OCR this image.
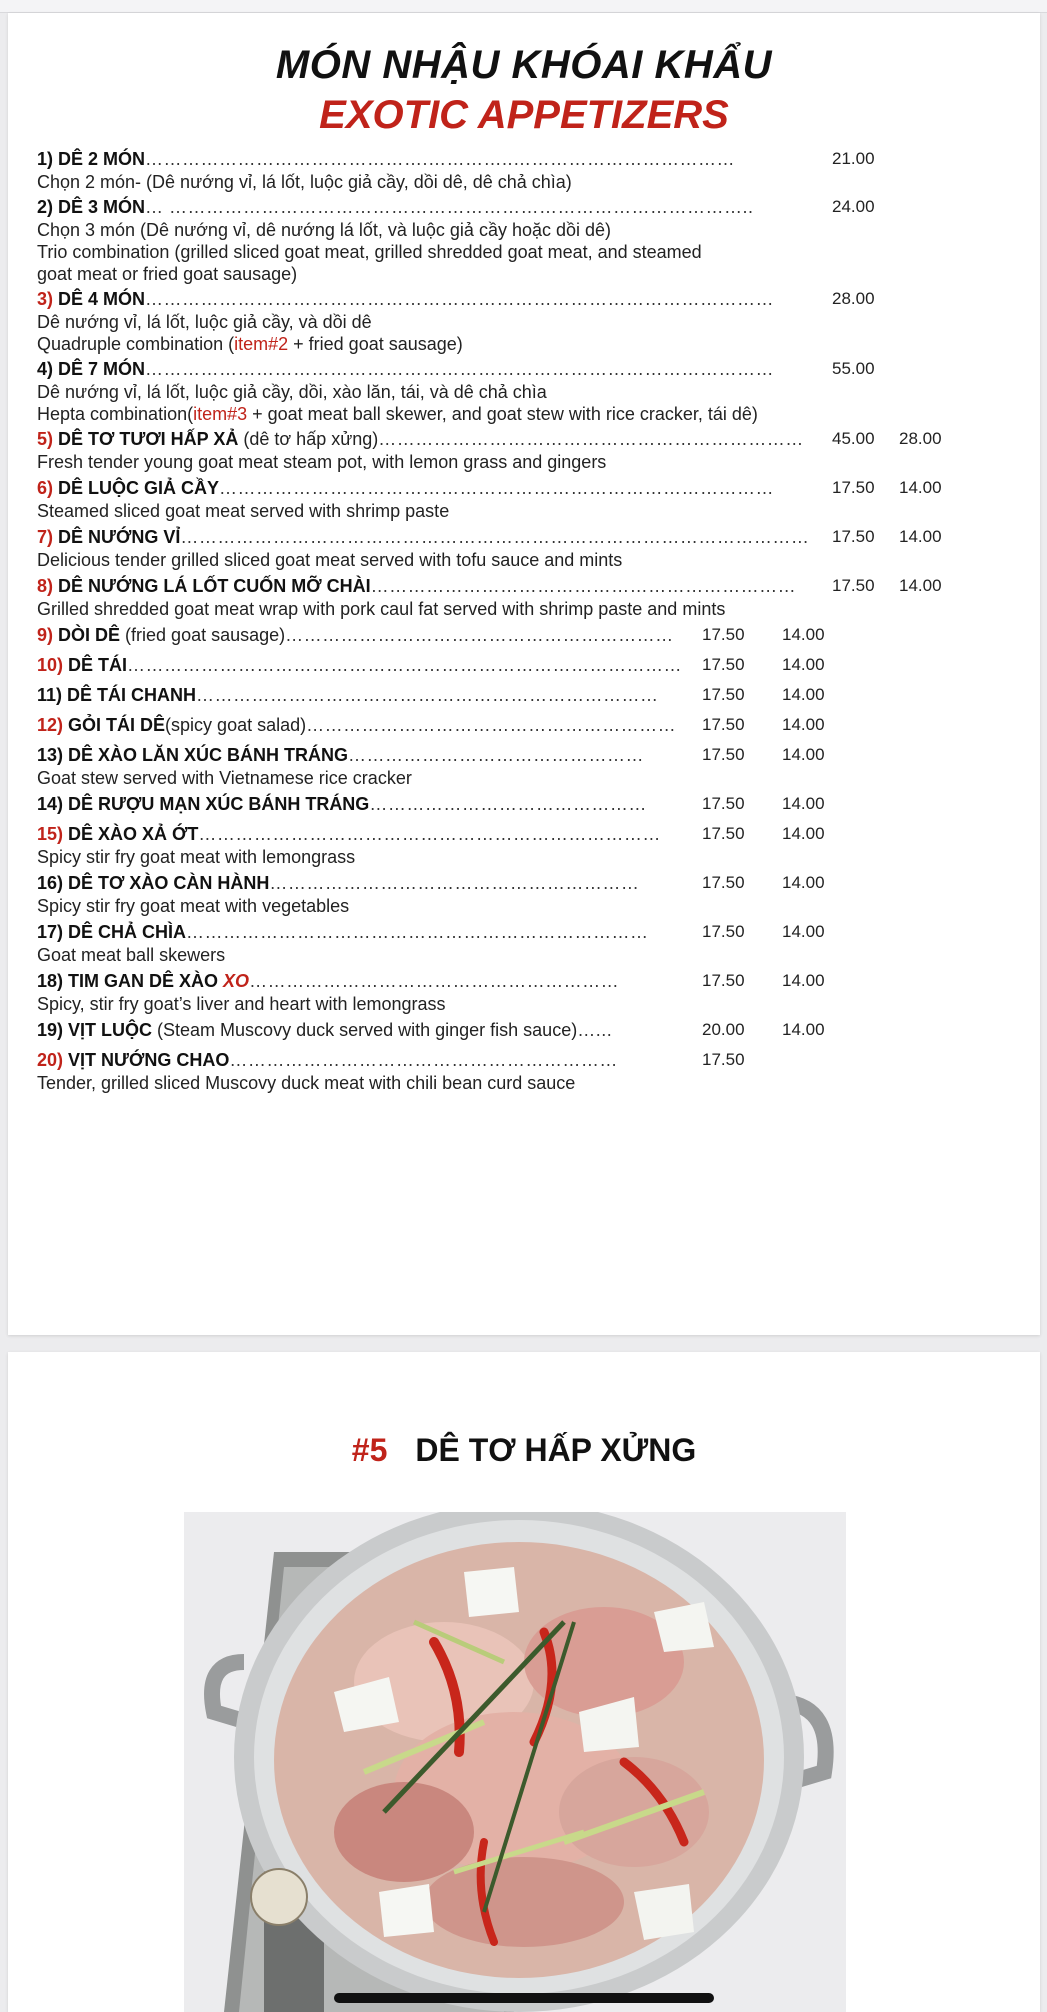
MÓN NHẬU KHÓAI KHẨU
EXOTIC APPETIZERS
1) DÊ 2 MÓN……………………………………….…………..………………………………	21.00
Chọn 2 món- (Dê nướng vỉ, lá lốt, luộc giả cầy, dồi dê, dê chả chìa)
2) DÊ 3 MÓN… …………………………………………………………………………………..	24.00
Chọn 3 món (Dê nướng vỉ, dê nướng lá lốt, và luộc giả cầy hoặc dồi dê)
Trio combination (grilled sliced goat meat, grilled shredded goat meat, and steamed
goat meat or fried goat sausage)
3) DÊ 4 MÓN…………………………………………………………………………………………	28.00
Dê nướng vỉ, lá lốt, luộc giả cầy, và dồi dê
Quadruple combination (item#2 + fried goat sausage)
4) DÊ 7 MÓN…………………………………………………………………………………………	55.00
Dê nướng vỉ, lá lốt, luộc giả cầy, dồi, xào lăn, tái, và dê chả chìa
Hepta combination(item#3 + goat meat ball skewer, and goat stew with rice cracker, tái dê)
5) DÊ TƠ TƯƠI HẤP XẢ (dê tơ hấp xửng)…………………………………………………………… 45.00 28.00
Fresh tender young goat meat steam pot, with lemon grass and gingers
6) DÊ LUỘC GIẢ CẦY………………………………………………………………………………	17.50 14.00
Steamed sliced goat meat served with shrimp paste
7) DÊ NƯỚNG VỈ………………………………………………………………………………………… 17.50 14.00
Delicious tender grilled sliced goat meat served with tofu sauce and mints
8) DÊ NƯỚNG LÁ LỐT CUỐN MỠ CHÀI…………………………………………………………… 17.50 14.00
Grilled shredded goat meat wrap with pork caul fat served with shrimp paste and mints
9) DÒI DÊ (fried goat sausage)……………………………………………………… 17.50 14.00
10) DÊ TÁI……………………………………………………………………………… 17.50 14.00
11) DÊ TÁI CHANH…………………………………………………………………	17.50 14.00
12) GỎI TÁI DÊ(spicy goat salad)…………………………………………………… 17.50 14.00
13) DÊ XÀO LĂN XÚC BÁNH TRÁNG…………………………………………	17.50 14.00
Goat stew served with Vietnamese rice cracker
14) DÊ RƯỢU MẠN XÚC BÁNH TRÁNG………………………………………	17.50 14.00
15) DÊ XÀO XẢ ỚT………………………………………………………………… 17.50 14.00
Spicy stir fry goat meat with lemongrass
16) DÊ TƠ XÀO CÀN HÀNH……………………………………………………	17.50 14.00
Spicy stir fry goat meat with vegetables
17) DÊ CHẢ CHÌA…………………………………………………………………	17.50 14.00
Goat meat ball skewers
18) TIM GAN DÊ XÀO XO……………………………………………………	17.50 14.00
Spicy, stir fry goat’s liver and heart with lemongrass
19) VỊT LUỘC (Steam Muscovy duck served with ginger fish sauce)…...	20.00 14.00
20) VỊT NƯỚNG CHAO………………………………………………………	17.50
Tender, grilled sliced Muscovy duck meat with chili bean curd sauce
#5 DÊ TƠ HẤP XỬNG
